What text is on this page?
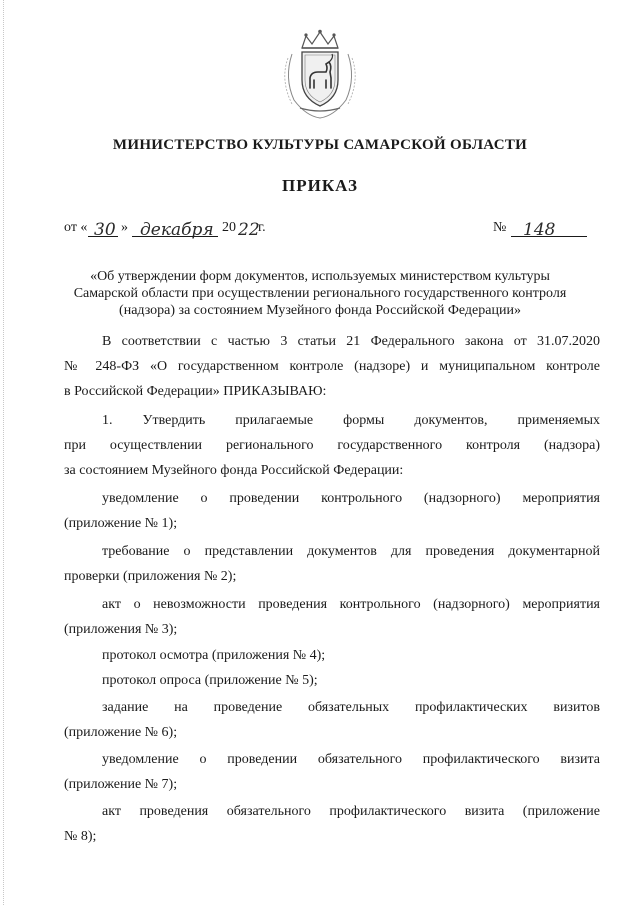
МИНИСТЕРСТВО КУЛЬТУРЫ САМАРСКОЙ ОБЛАСТИ
ПРИКАЗ
от « 30 » декабря 20 22
г.	№ 148
«Об утверждении форм документов, используемых министерством культуры
Самарской области при осуществлении регионального государственного контроля
(надзора) за состоянием Музейного фонда Российской Федерации»
В соответствии с частью 3 статьи 21 Федерального закона от 31.07.2020
№ 248-ФЗ «О государственном контроле (надзоре) и муниципальном контроле
в Российской Федерации» ПРИКАЗЫВАЮ:
1. Утвердить прилагаемые формы документов, применяемых
при осуществлении регионального государственного контроля (надзора)
за состоянием Музейного фонда Российской Федерации:
уведомление о проведении контрольного (надзорного) мероприятия
(приложение № 1);
требование о представлении документов для проведения документарной
проверки (приложения № 2);
акт о невозможности проведения контрольного (надзорного) мероприятия
(приложения № 3);
протокол осмотра (приложения № 4);
протокол опроса (приложение № 5);
задание на проведение обязательных профилактических визитов
(приложение № 6);
уведомление о проведении обязательного профилактического визита
(приложение № 7);
акт проведения обязательного профилактического визита (приложение
№ 8);
